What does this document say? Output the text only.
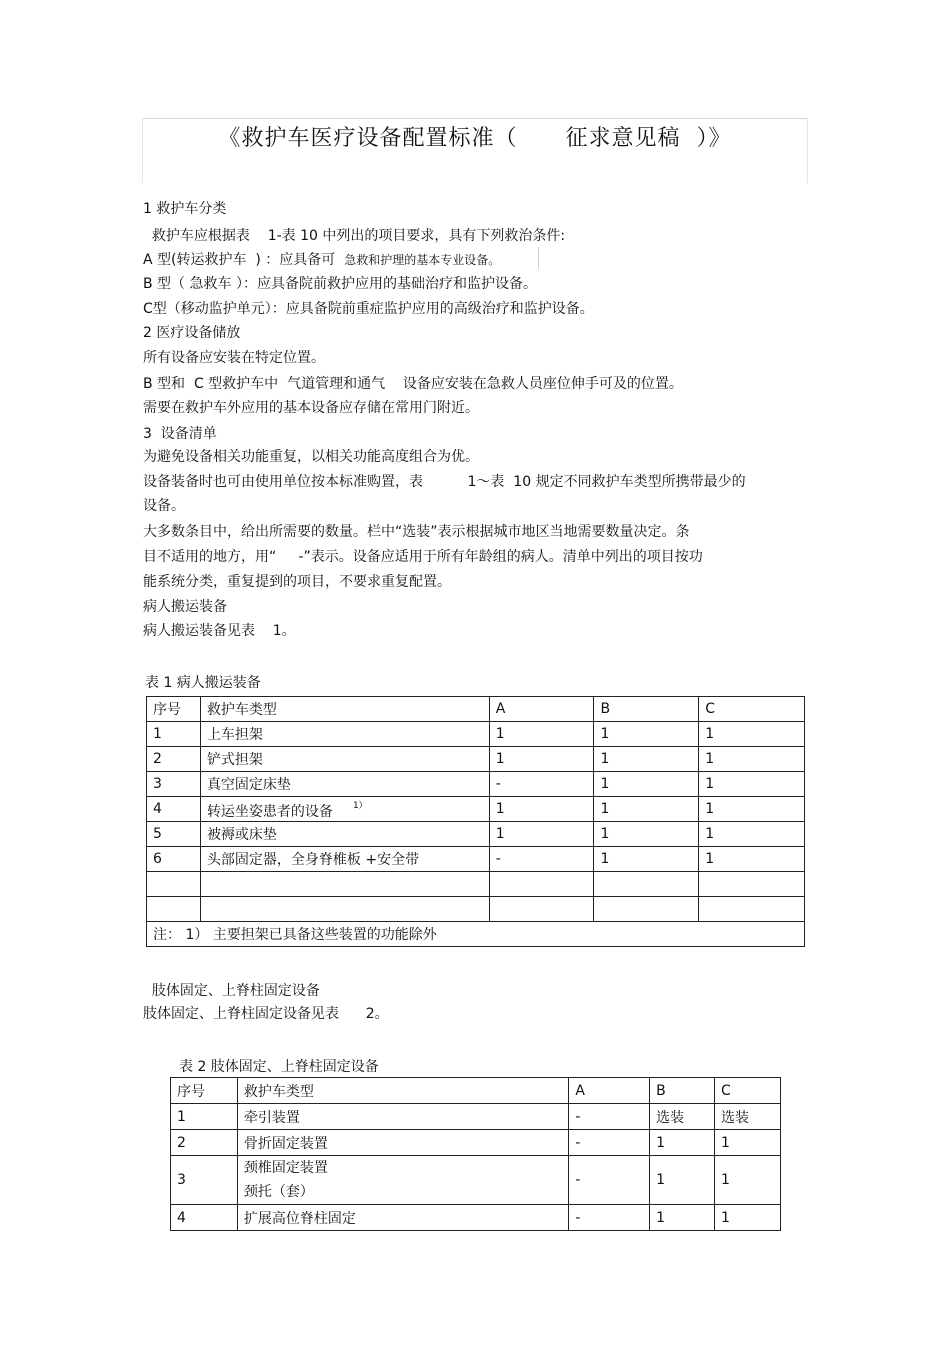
《救护车医疗设备配置标准（      征求意见稿  ）》
1 救护车分类
救护车应根据表    1-表 10 中列出的项目要求，具有下列救治条件:
A 型(转运救护车  ) ：应具备可  急救和护理的基本专业设备。
B 型（ 急救车 ）：应具备院前救护应用的基础治疗和监护设备。
C型（移动监护单元）：应具备院前重症监护应用的高级治疗和监护设备。
2 医疗设备储放
所有设备应安装在特定位置。
B 型和  C 型救护车中  气道管理和通气    设备应安装在急救人员座位伸手可及的位置。
需要在救护车外应用的基本设备应存储在常用门附近。
3  设备清单
为避免设备相关功能重复，以相关功能高度组合为优。
设备装备时也可由使用单位按本标准购置，表          1～表  10 规定不同救护车类型所携带最少的
设备。
大多数条目中，给出所需要的数量。栏中“选装”表示根据城市地区当地需要数量决定。条
目不适用的地方，用“     -”表示。设备应适用于所有年龄组的病人。清单中列出的项目按功
能系统分类，重复提到的项目，不要求重复配置。
病人搬运装备
病人搬运装备见表    1。
表 1 病人搬运装备
序号	救护车类型	A	B	C
1	上车担架	1	1	1
2	铲式担架	1	1	1
3	真空固定床垫	-	1	1
4	转运坐姿患者的设备 $^{1)}$	1	1	1
5	被褥或床垫	1	1	1
6	头部固定器，全身脊椎板 +安全带	-	1	1

注： 1） 主要担架已具备这些装置的功能除外				
肢体固定、上脊柱固定设备
肢体固定、上脊柱固定设备见表      2。
表 2 肢体固定、上脊柱固定设备
序号	救护车类型	A	B	C
1	牵引装置	-	选装	选装
2	骨折固定装置	-	1	1
3	颈椎固定装置
颈托（套）	-	1	1
4	扩展高位脊柱固定	-	1	1
